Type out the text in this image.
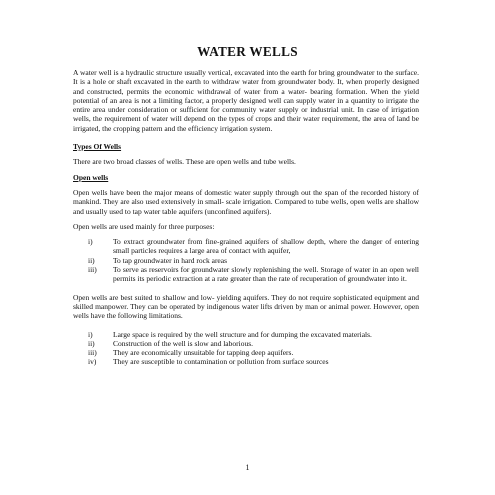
WATER WELLS

A water well is a hydraulic structure usually vertical, excavated into the earth for bring groundwater to the surface. It is a hole or shaft excavated in the earth to withdraw water from groundwater body. It, when properly designed and constructed, permits the economic withdrawal of water from a water- bearing formation. When the yield potential of an area is not a limiting factor, a properly designed well can supply water in a quantity to irrigate the entire area under consideration or sufficient for community water supply or industrial unit. In case of irrigation wells, the requirement of water will depend on the types of crops and their water requirement, the area of land be irrigated, the cropping pattern and the efficiency irrigation system.

Types Of Wells

There are two broad classes of wells. These are open wells and tube wells.

Open wells

Open wells have been the major means of domestic water supply through out the span of the recorded history of mankind. They are also used extensively in small- scale irrigation. Compared to tube wells, open wells are shallow and usually used to tap water table aquifers (unconfined aquifers).

Open wells are used mainly for three purposes:

i)	To extract groundwater from fine-grained aquifers of shallow depth, where the danger of entering small particles requires a large area of contact with aquifer,
ii)	To tap groundwater in hard rock areas
iii)	To serve as reservoirs for groundwater slowly replenishing the well. Storage of water in an open well permits its periodic extraction at a rate greater than the rate of recuperation of groundwater into it.

Open wells are best suited to shallow and low- yielding aquifers. They do not require sophisticated equipment and skilled manpower. They can be operated by indigenous water lifts driven by man or animal power. However, open wells have the following limitations.

i)	Large space is required by the well structure and for dumping the excavated materials.
ii)	Construction of the well is slow and laborious.
iii)	They are economically unsuitable for tapping deep aquifers.
iv)	They are susceptible to contamination or pollution from surface sources
1
